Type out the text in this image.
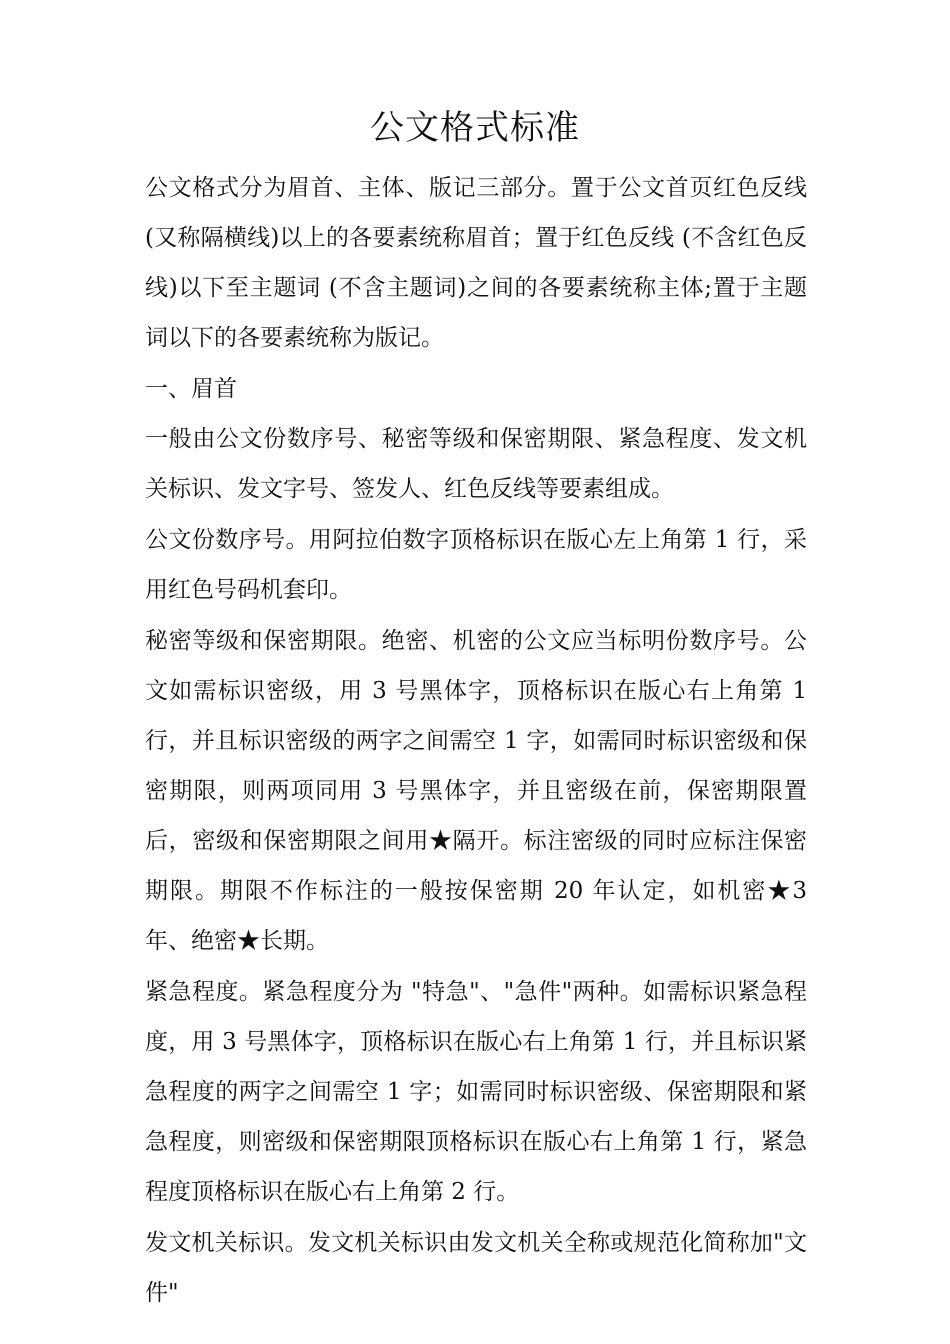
公文格式标准

公文格式分为眉首、主体、版记三部分。置于公文首页红色反线 (又称隔横线)以上的各要素统称眉首；置于红色反线 (不含红色反线)以下至主题词 (不含主题词)之间的各要素统称主体;置于主题词以下的各要素统称为版记。

一、眉首

一般由公文份数序号、秘密等级和保密期限、紧急程度、发文机关标识、发文字号、签发人、红色反线等要素组成。

公文份数序号。用阿拉伯数字顶格标识在版心左上角第 1 行，采用红色号码机套印。

秘密等级和保密期限。绝密、机密的公文应当标明份数序号。公文如需标识密级，用 3 号黑体字，顶格标识在版心右上角第 1 行，并且标识密级的两字之间需空 1 字，如需同时标识密级和保密期限，则两项同用 3 号黑体字，并且密级在前，保密期限置后，密级和保密期限之间用★隔开。标注密级的同时应标注保密期限。期限不作标注的一般按保密期 20 年认定，如机密★3 年、绝密★长期。

紧急程度。紧急程度分为 "特急"、"急件"两种。如需标识紧急程度，用 3 号黑体字，顶格标识在版心右上角第 1 行，并且标识紧急程度的两字之间需空 1 字；如需同时标识密级、保密期限和紧急程度，则密级和保密期限顶格标识在版心右上角第 1 行，紧急程度顶格标识在版心右上角第 2 行。

发文机关标识。发文机关标识由发文机关全称或规范化简称加"文件"
